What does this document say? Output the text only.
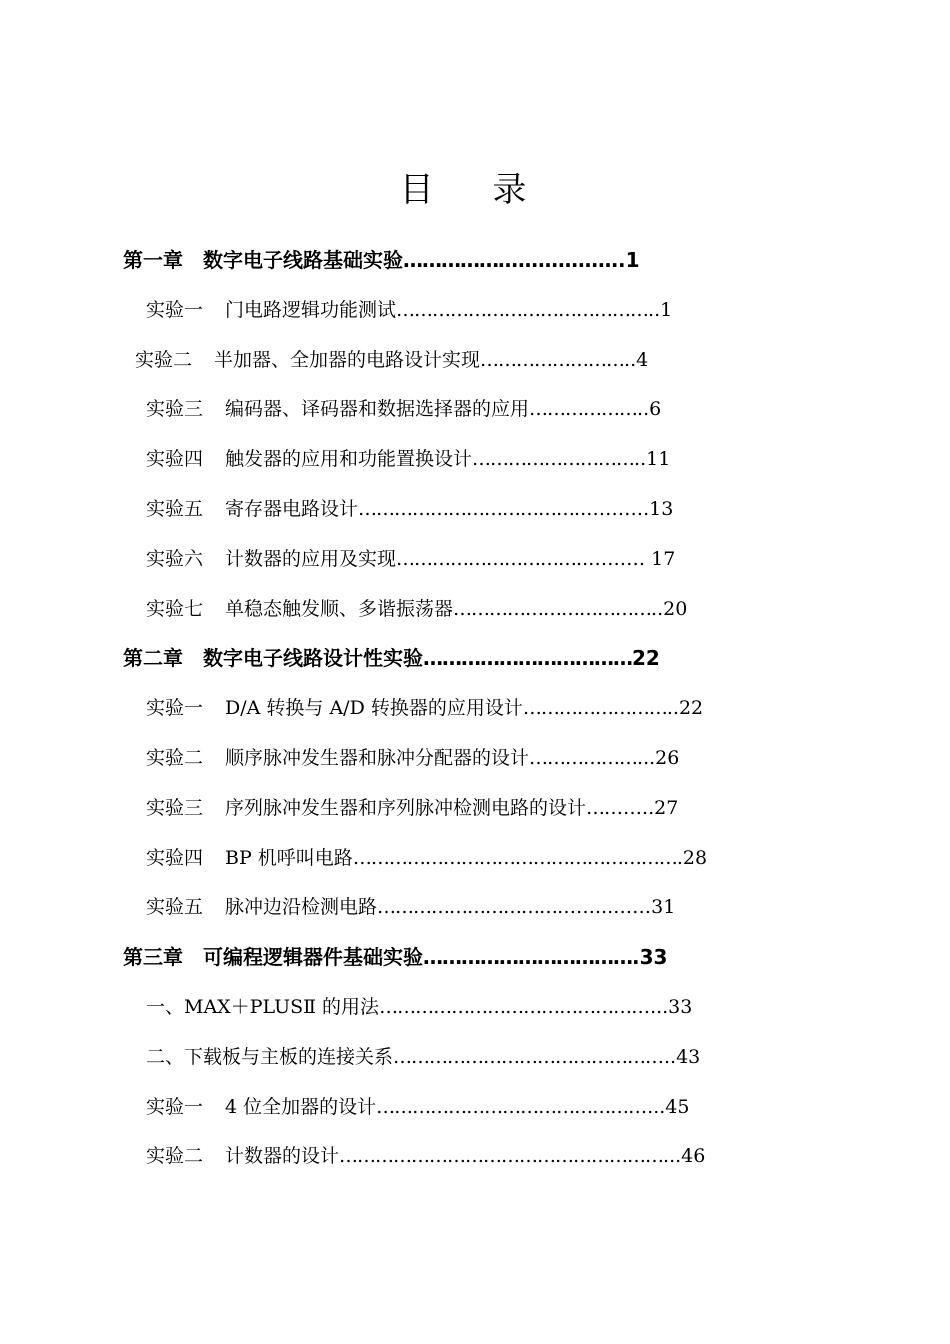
目 录
第一章 数字电子线路基础实验…………………………….1
实验一 门电路逻辑功能测试……………………………………..1
实验二 半加器、全加器的电路设计实现……………………..4
实验三 编码器、译码器和数据选择器的应用………………..6
实验四 触发器的应用和功能置换设计………………………..11
实验五 寄存器电路设计………………………………..……….13
实验六 计数器的应用及实现…………………………..……… 17
实验七 单稳态触发顺、多谐振荡器……………………………..20
第二章 数字电子线路设计性实验……………………………22
实验一 D/A 转换与 A/D 转换器的应用设计……………………..22
实验二 顺序脉冲发生器和脉冲分配器的设计………………...26
实验三 序列脉冲发生器和序列脉冲检测电路的设计………..27
实验四 BP 机呼叫电路……………………………………………….28
实验五 脉冲边沿检测电路………………………………...……31
第三章 可编程逻辑器件基础实验…………………………….33
一、MAX＋PLUSⅡ 的用法………………………………………...33
二、下载板与主板的连接关系………………………………………..43
实验一 4 位全加器的设计………………………………………...45
实验二 计数器的设计………………………………………………...46
